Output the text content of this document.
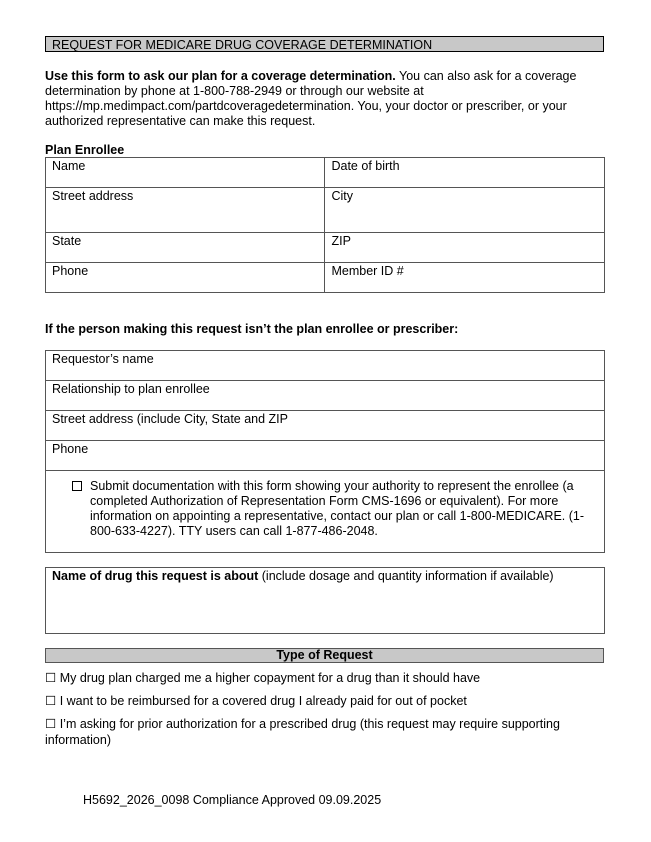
REQUEST FOR MEDICARE DRUG COVERAGE DETERMINATION
Use this form to ask our plan for a coverage determination. You can also ask for a coverage determination by phone at 1-800-788-2949 or through our website at https://mp.medimpact.com/partdcoveragedetermination. You, your doctor or prescriber, or your authorized representative can make this request.
Plan Enrollee
Name	Date of birth
Street address	City
State	ZIP
Phone	Member ID #
If the person making this request isn’t the plan enrollee or prescriber:
Requestor’s name
Relationship to plan enrollee
Street address (include City, State and ZIP
Phone

Submit documentation with this form showing your authority to represent the enrollee (a completed Authorization of Representation Form CMS-1696 or equivalent). For more information on appointing a representative, contact our plan or call 1-800-MEDICARE. (1-800-633-4227). TTY users can call 1-877-486-2048.
Name of drug this request is about (include dosage and quantity information if available)
Type of Request
☐ My drug plan charged me a higher copayment for a drug than it should have
☐ I want to be reimbursed for a covered drug I already paid for out of pocket
☐ I’m asking for prior authorization for a prescribed drug (this request may require supporting information)
H5692_2026_0098 Compliance Approved 09.09.2025
